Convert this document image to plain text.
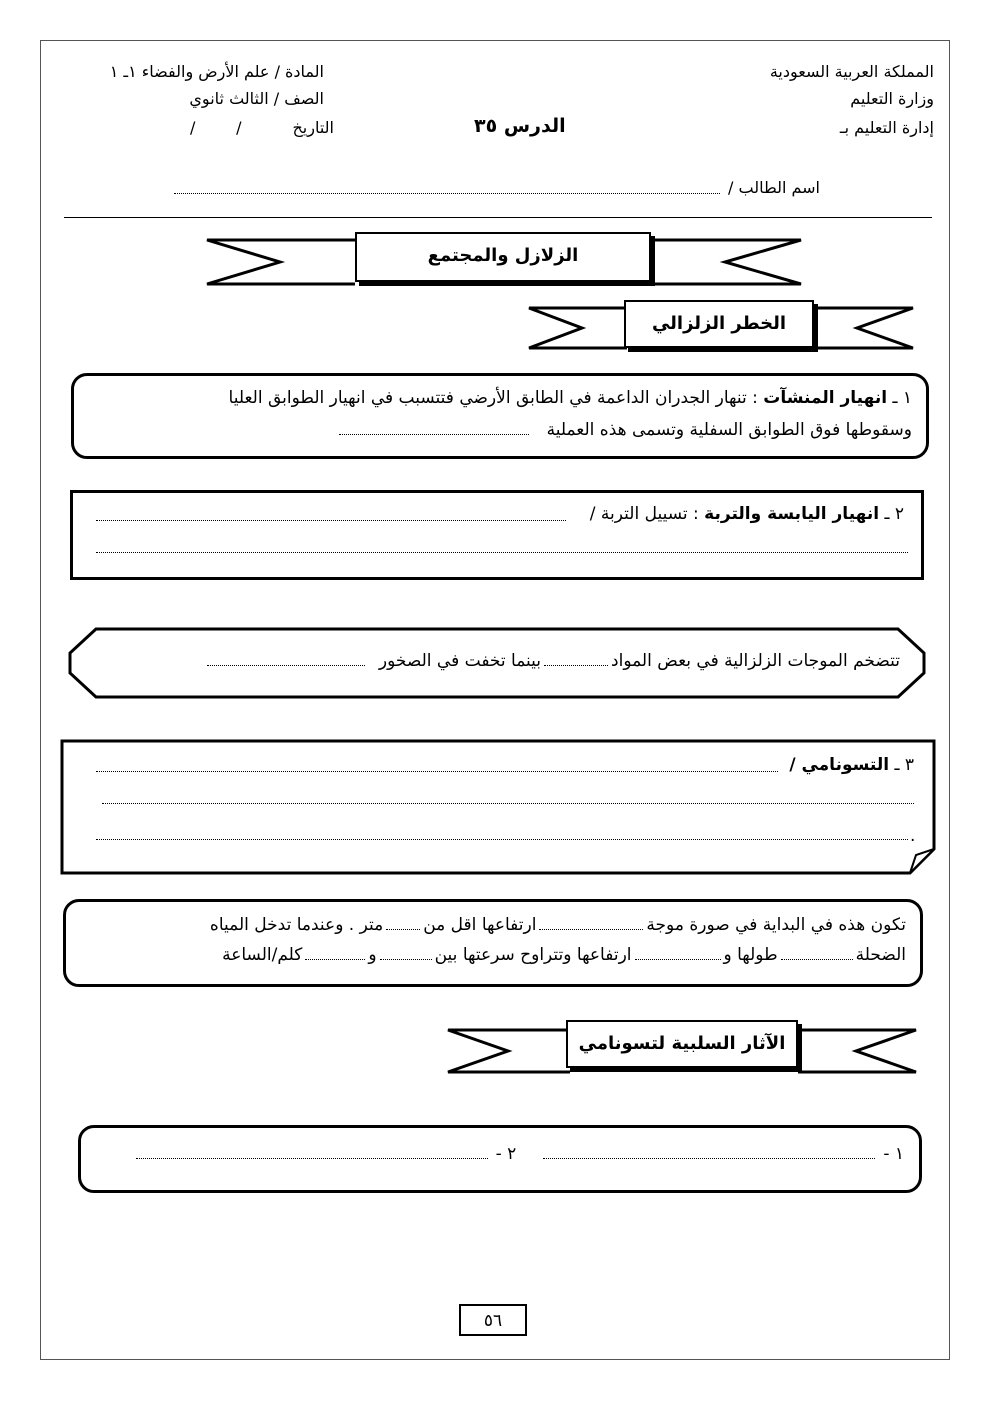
المملكة العربية السعودية
وزارة التعليم
إدارة التعليم بـ
المادة / علم الأرض والفضاء ١ـ ١
الصف / الثالث ثانوي
التاريخ
/        /	الدرس ٣٥
اسم الطالب /
الزلازل والمجتمع
الخطر الزلزالي
١ ـ انهيار المنشآت : تنهار الجدران الداعمة في الطابق الأرضي فتتسبب في انهيار الطوابق العليا
وسقوطها فوق الطوابق السفلية وتسمى هذه العملية
٢ ـ انهيار اليابسة والتربة : تسييل التربة /
تتضخم الموجات الزلزالية في بعض الموادبينما تخفت في الصخور
٣ ـ التسونامي /
.
تكون هذه في البداية في صورة موجةارتفاعها اقل منمتر . وعندما تدخل المياه
الضحلةطولها وارتفاعها وتتراوح سرعتها بينوكلم/الساعة
الآثار السلبية لتسونامي
١ -٢ -
٥٦
